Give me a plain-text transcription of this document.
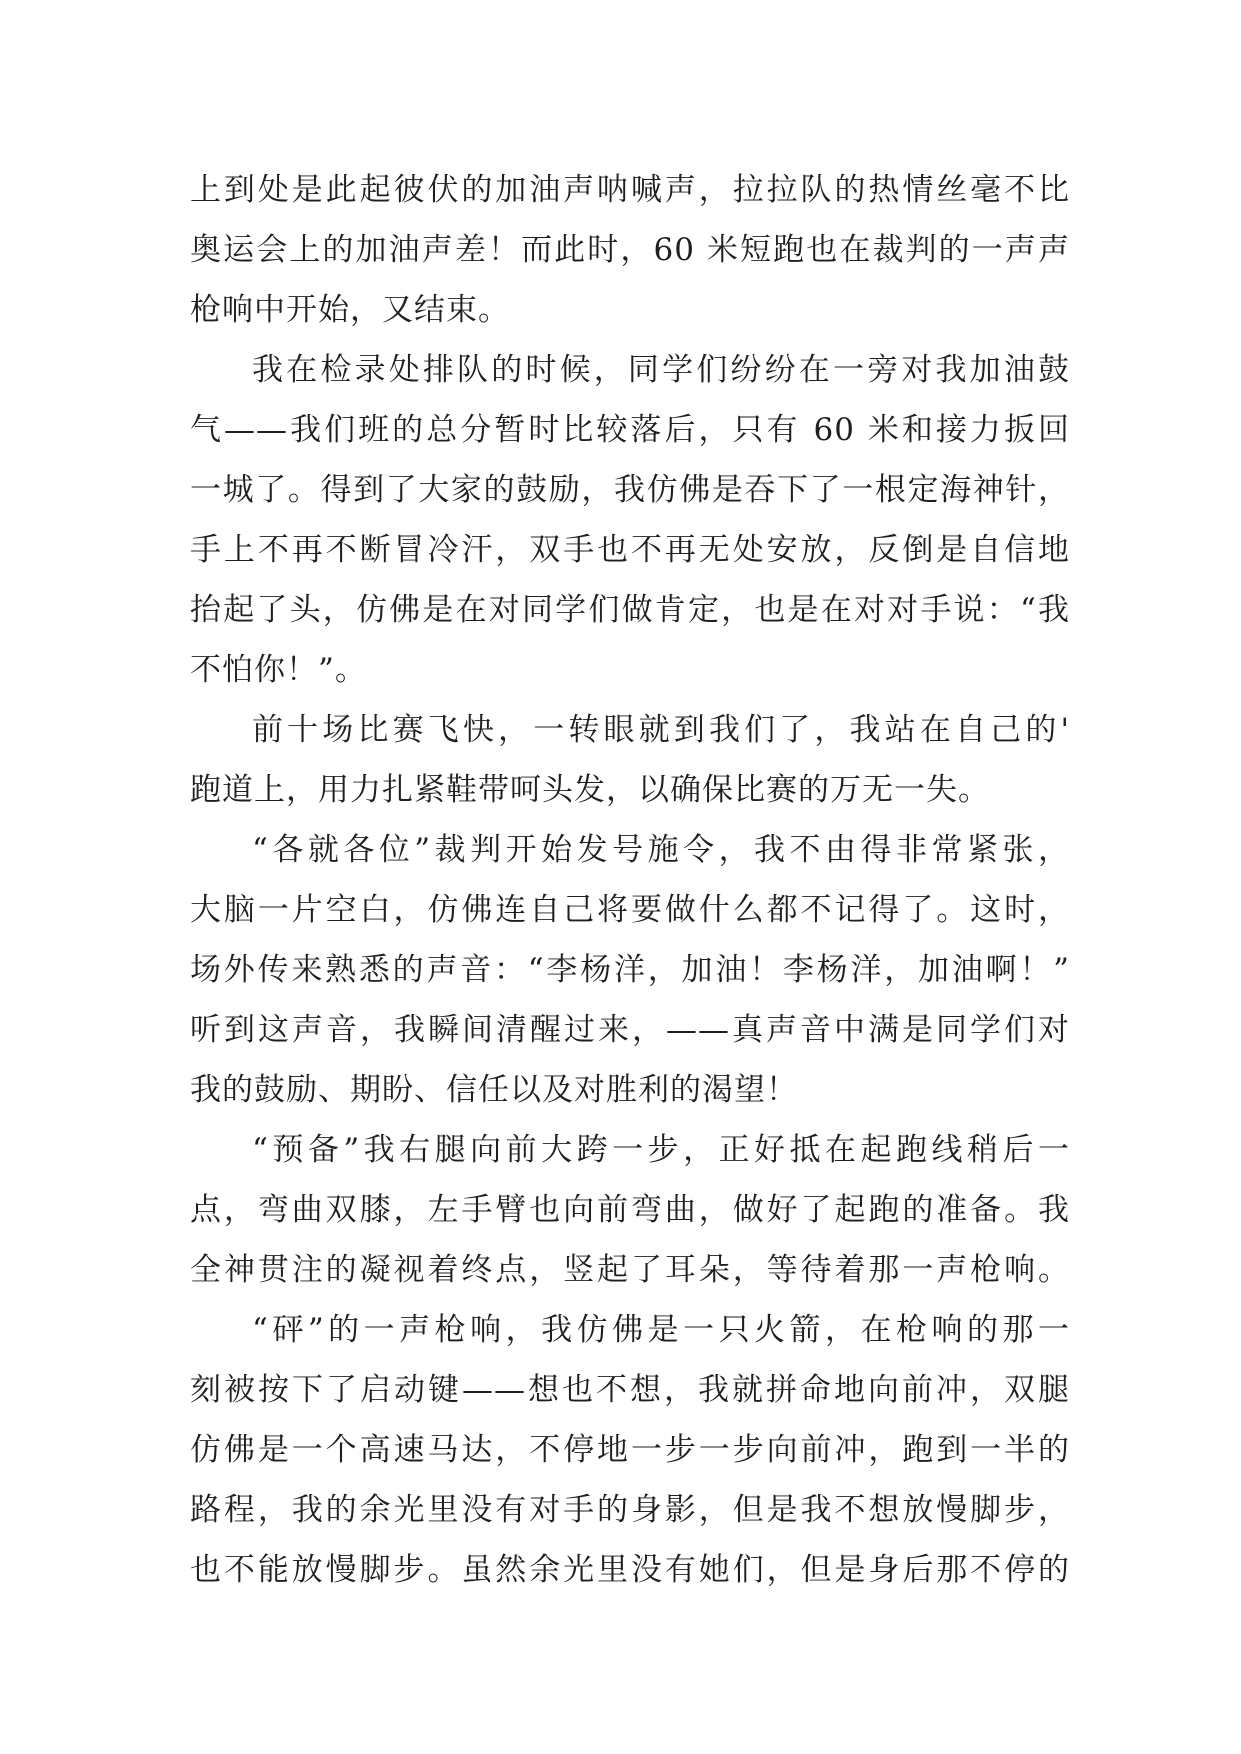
上到处是此起彼伏的加油声呐喊声，拉拉队的热情丝毫不比
奥运会上的加油声差！而此时，60 米短跑也在裁判的一声声
枪响中开始，又结束。
我在检录处排队的时候，同学们纷纷在一旁对我加油鼓
气——我们班的总分暂时比较落后，只有 60 米和接力扳回
一城了。得到了大家的鼓励，我仿佛是吞下了一根定海神针，
手上不再不断冒冷汗，双手也不再无处安放，反倒是自信地
抬起了头，仿佛是在对同学们做肯定，也是在对对手说：“我
不怕你！”。
前十场比赛飞快，一转眼就到我们了，我站在自己的'
跑道上，用力扎紧鞋带呵头发，以确保比赛的万无一失。
“各就各位”裁判开始发号施令，我不由得非常紧张，
大脑一片空白，仿佛连自己将要做什么都不记得了。这时，
场外传来熟悉的声音：“李杨洋，加油！李杨洋，加油啊！”
听到这声音，我瞬间清醒过来，——真声音中满是同学们对
我的鼓励、期盼、信任以及对胜利的渴望！
“预备”我右腿向前大跨一步，正好抵在起跑线稍后一
点，弯曲双膝，左手臂也向前弯曲，做好了起跑的准备。我
全神贯注的凝视着终点，竖起了耳朵，等待着那一声枪响。
“砰”的一声枪响，我仿佛是一只火箭，在枪响的那一
刻被按下了启动键——想也不想，我就拼命地向前冲，双腿
仿佛是一个高速马达，不停地一步一步向前冲，跑到一半的
路程，我的余光里没有对手的身影，但是我不想放慢脚步，
也不能放慢脚步。虽然余光里没有她们，但是身后那不停的
